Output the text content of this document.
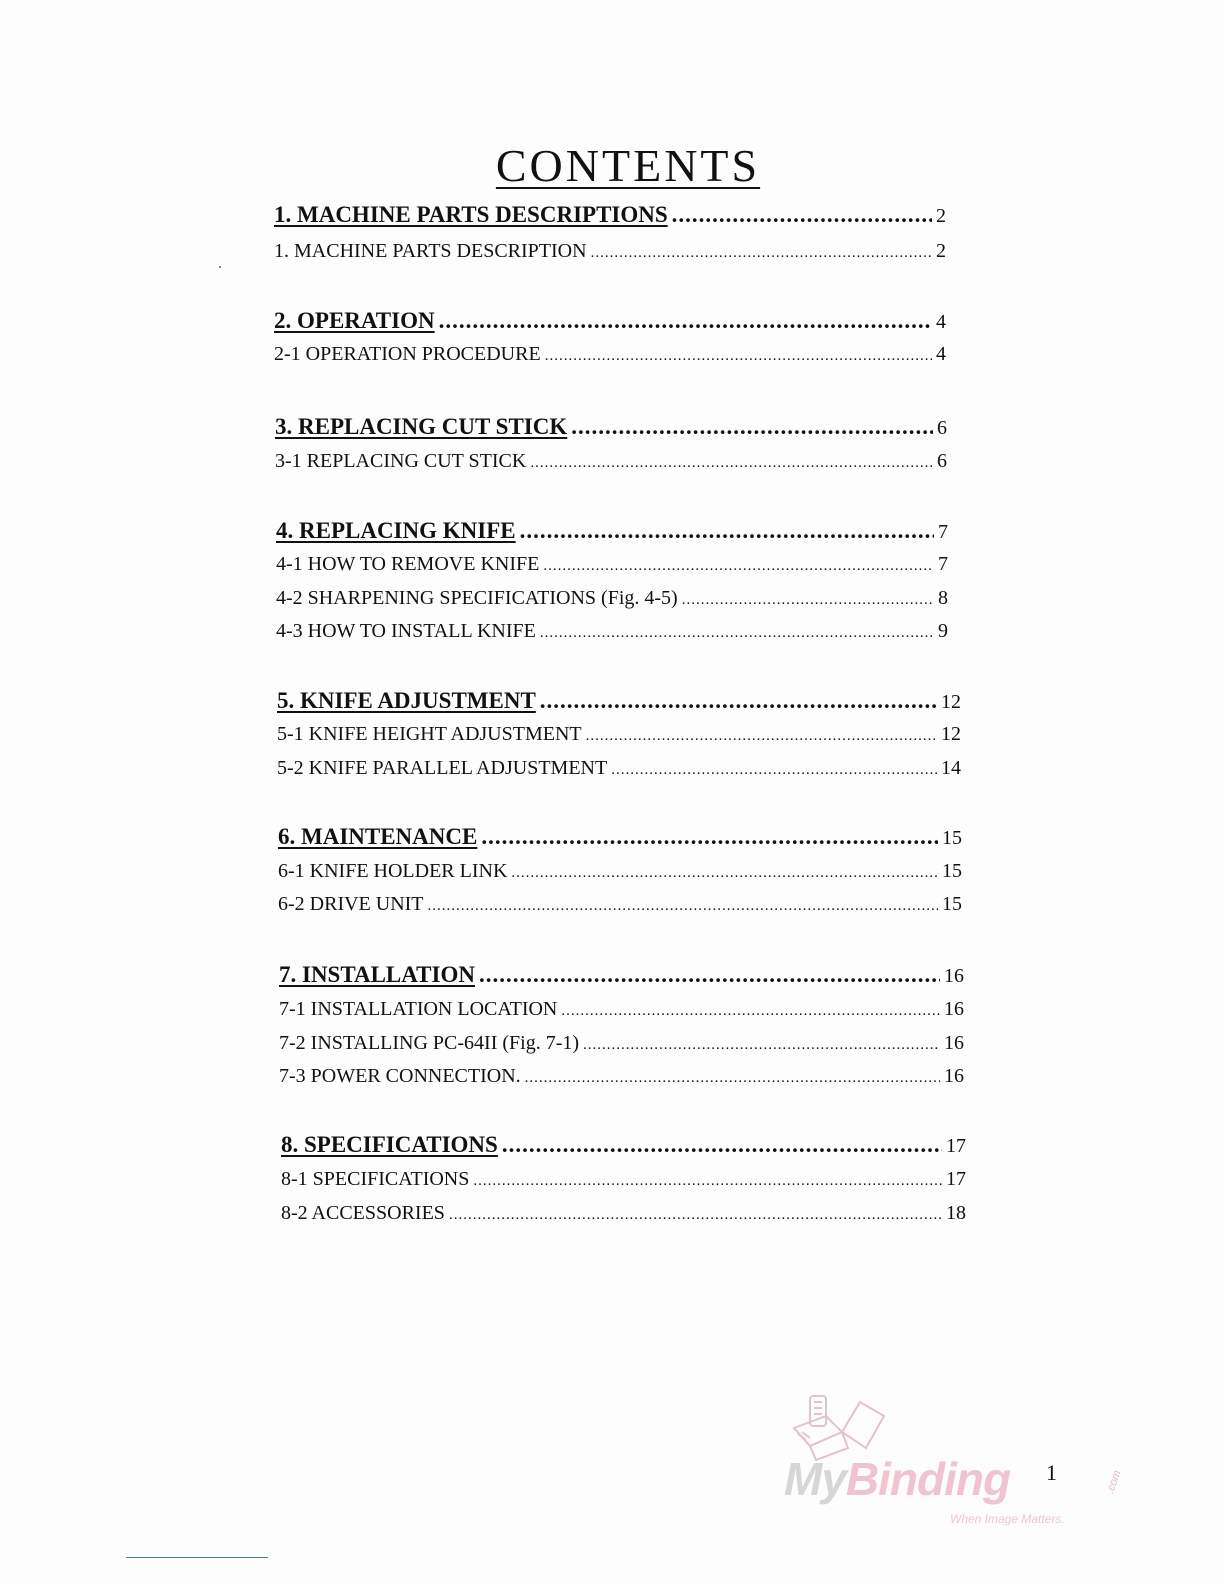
CONTENTS
1. MACHINE PARTS DESCRIPTIONS .....	2
1. MACHINE PARTS DESCRIPTION .....	2
2. OPERATION .....	4
2-1 OPERATION PROCEDURE .....	4
3. REPLACING CUT STICK .....	6
3-1 REPLACING CUT STICK .....	6
4. REPLACING KNIFE .....	7
4-1 HOW TO REMOVE KNIFE .....	7
4-2 SHARPENING SPECIFICATIONS (Fig. 4-5) .....	8
4-3 HOW TO INSTALL KNIFE .....	9
5. KNIFE ADJUSTMENT .....	12
5-1 KNIFE HEIGHT ADJUSTMENT .....	12
5-2 KNIFE PARALLEL ADJUSTMENT .....	14
6. MAINTENANCE .....	15
6-1 KNIFE HOLDER LINK .....	15
6-2 DRIVE UNIT .....	15
7. INSTALLATION .....	16
7-1 INSTALLATION LOCATION .....	16
7-2 INSTALLING PC-64II (Fig. 7-1) .....	16
7-3 POWER CONNECTION. .....	16
8. SPECIFICATIONS .....	17
8-1 SPECIFICATIONS .....	17
8-2 ACCESSORIES .....	18
MyBinding	.com
When Image Matters.
1
